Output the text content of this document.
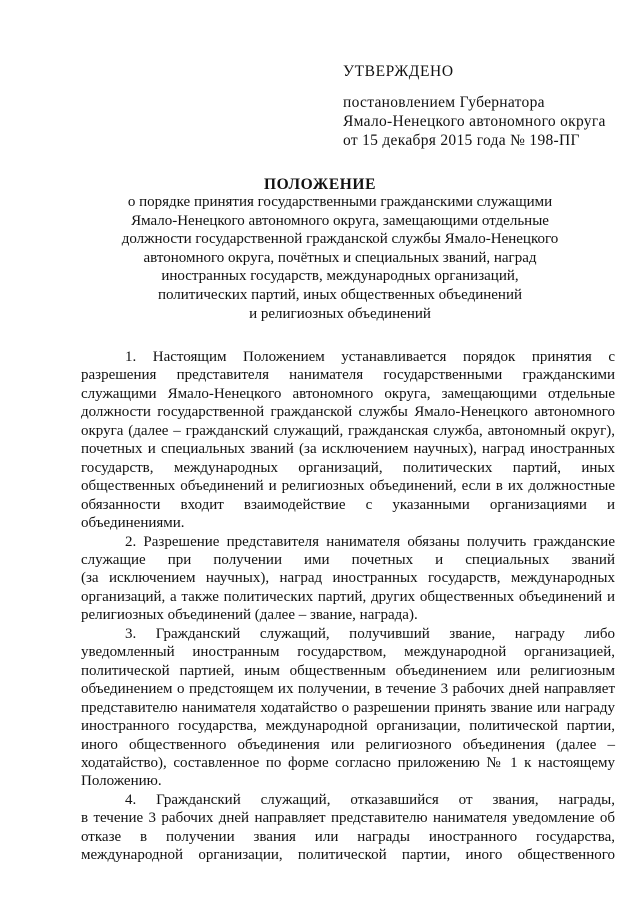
УТВЕРЖДЕНО
постановлением Губернатора
Ямало-Ненецкого автономного округа
от 15 декабря 2015 года № 198-ПГ
ПОЛОЖЕНИЕ
о порядке принятия государственными гражданскими служащими
Ямало-Ненецкого автономного округа, замещающими отдельные
должности государственной гражданской службы Ямало-Ненецкого
автономного округа, почётных и специальных званий, наград
иностранных государств, международных организаций,
политических партий, иных общественных объединений
и религиозных объединений
1. Настоящим Положением устанавливается порядок принятия с
разрешения представителя нанимателя государственными гражданскими
служащими Ямало-Ненецкого автономного округа, замещающими отдельные
должности государственной гражданской службы Ямало-Ненецкого автономного
округа (далее – гражданский служащий, гражданская служба, автономный округ),
почетных и специальных званий (за исключением научных), наград иностранных
государств, международных организаций, политических партий, иных
общественных объединений и религиозных объединений, если в их должностные
обязанности входит взаимодействие с указанными организациями и
объединениями.
2. Разрешение представителя нанимателя обязаны получить гражданские
служащие при получении ими почетных и специальных званий
(за исключением научных), наград иностранных государств, международных
организаций, а также политических партий, других общественных объединений и
религиозных объединений (далее – звание, награда).
3. Гражданский служащий, получивший звание, награду либо
уведомленный иностранным государством, международной организацией,
политической партией, иным общественным объединением или религиозным
объединением о предстоящем их получении, в течение 3 рабочих дней направляет
представителю нанимателя ходатайство о разрешении принять звание или награду
иностранного государства, международной организации, политической партии,
иного общественного объединения или религиозного объединения (далее –
ходатайство), составленное по форме согласно приложению № 1 к настоящему
Положению.
4. Гражданский служащий, отказавшийся от звания, награды,
в течение 3 рабочих дней направляет представителю нанимателя уведомление об
отказе в получении звания или награды иностранного государства,
международной организации, политической партии, иного общественного
